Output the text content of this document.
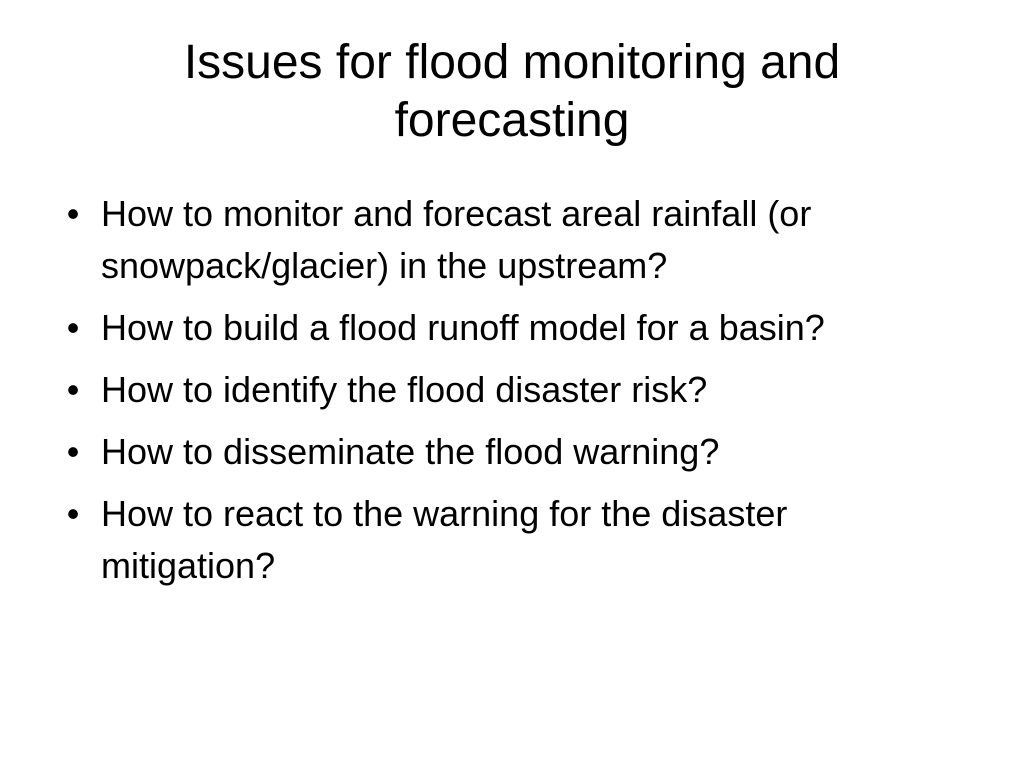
Issues for flood monitoring and forecasting
• How to monitor and forecast areal rainfall (or snowpack/glacier) in the upstream?
• How to build a flood runoff model for a basin?
• How to identify the flood disaster risk?
• How to disseminate the flood warning?
• How to react to the warning for the disaster mitigation?
